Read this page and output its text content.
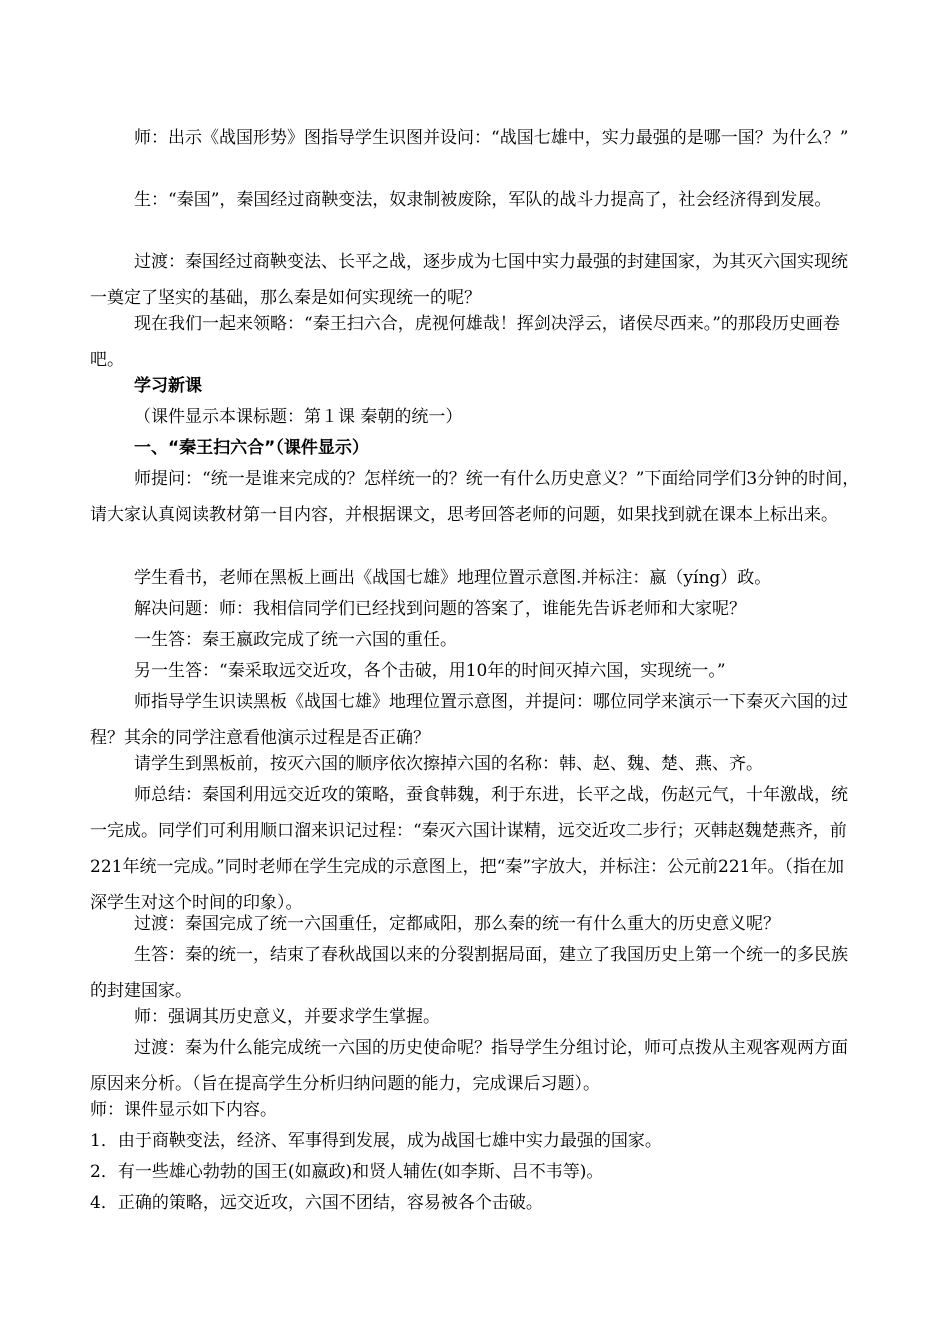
师：出示《战国形势》图指导学生识图并设问：“战国七雄中，实力最强的是哪一国？为什么？”

生：“秦国”，秦国经过商鞅变法，奴隶制被废除，军队的战斗力提高了，社会经济得到发展。

过渡：秦国经过商鞅变法、长平之战，逐步成为七国中实力最强的封建国家，为其灭六国实现统一奠定了坚实的基础，那么秦是如何实现统一的呢？

现在我们一起来领略：“秦王扫六合，虎视何雄哉！挥剑决浮云，诸侯尽西来。”的那段历史画卷吧。

学习新课

（课件显示本课标题：第１课 秦朝的统一）

一、“秦王扫六合”（课件显示）

师提问：“统一是谁来完成的？怎样统一的？统一有什么历史意义？”下面给同学们3分钟的时间，请大家认真阅读教材第一目内容，并根据课文，思考回答老师的问题，如果找到就在课本上标出来。

学生看书，老师在黑板上画出《战国七雄》地理位置示意图.并标注：嬴（yíng）政。

解决问题：师：我相信同学们已经找到问题的答案了，谁能先告诉老师和大家呢？

一生答：秦王嬴政完成了统一六国的重任。

另一生答：“秦采取远交近攻，各个击破，用10年的时间灭掉六国，实现统一。”

师指导学生识读黑板《战国七雄》地理位置示意图，并提问：哪位同学来演示一下秦灭六国的过程？其余的同学注意看他演示过程是否正确？

请学生到黑板前，按灭六国的顺序依次擦掉六国的名称：韩、赵、魏、楚、燕、齐。

师总结：秦国利用远交近攻的策略，蚕食韩魏，利于东进，长平之战，伤赵元气，十年激战，统一完成。同学们可利用顺口溜来识记过程：“秦灭六国计谋精，远交近攻二步行；灭韩赵魏楚燕齐，前221年统一完成。”同时老师在学生完成的示意图上，把“秦”字放大，并标注：公元前221年。（指在加深学生对这个时间的印象）。

过渡：秦国完成了统一六国重任，定都咸阳，那么秦的统一有什么重大的历史意义呢？

生答：秦的统一，结束了春秋战国以来的分裂割据局面，建立了我国历史上第一个统一的多民族的封建国家。

师：强调其历史意义，并要求学生掌握。

过渡：秦为什么能完成统一六国的历史使命呢？指导学生分组讨论，师可点拨从主观客观两方面原因来分析。（旨在提高学生分析归纳问题的能力，完成课后习题）。

师：课件显示如下内容。

1．由于商鞅变法，经济、军事得到发展，成为战国七雄中实力最强的国家。

2．有一些雄心勃勃的国王(如嬴政)和贤人辅佐(如李斯、吕不韦等)。

4．正确的策略，远交近攻，六国不团结，容易被各个击破。
